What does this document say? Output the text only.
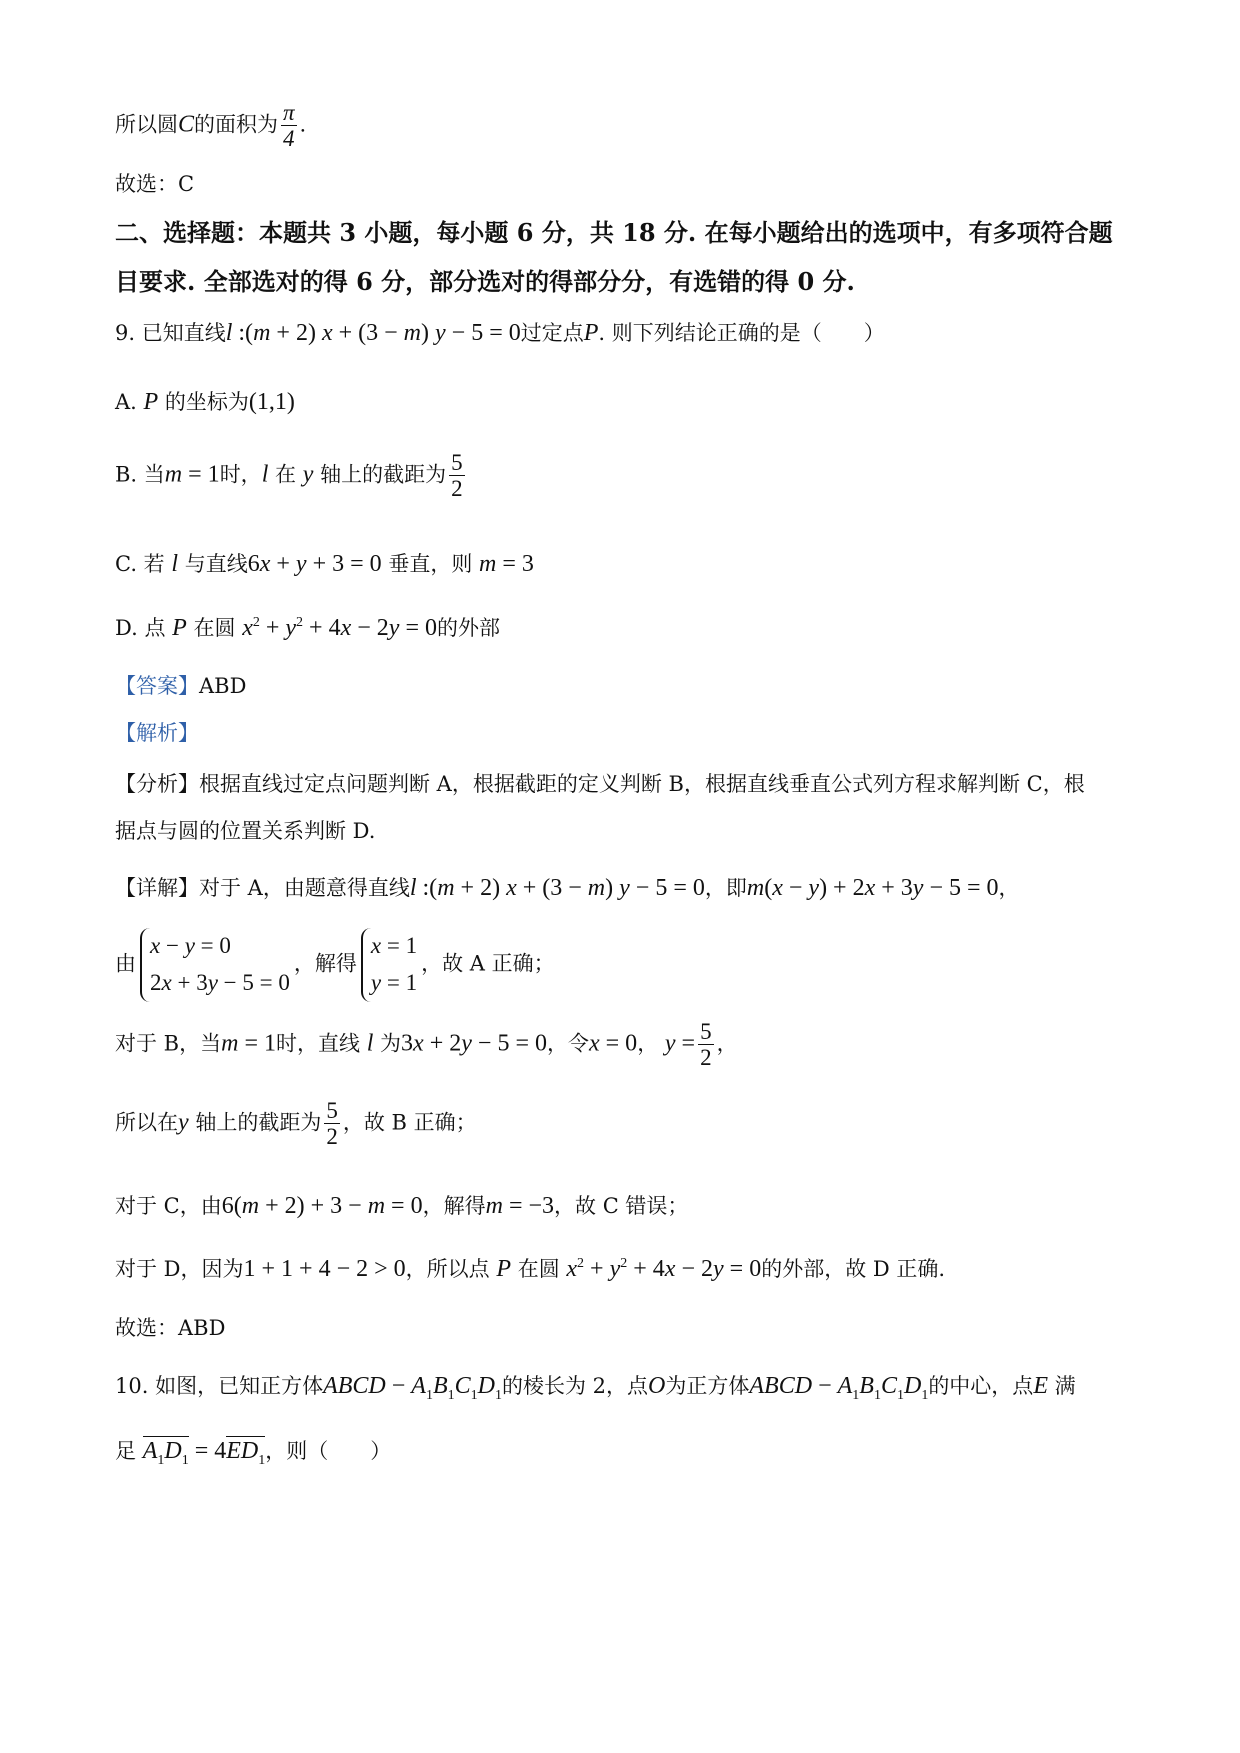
所以圆C的面积为 $\frac{\pi}{4}$ .
故选：C
二、选择题：本题共 3 小题，每小题 6 分，共 18 分. 在每小题给出的选项中，有多项符合题
目要求. 全部选对的得 6 分，部分选对的得部分分，有选错的得 0 分.
9. 已知直线l :(m + 2) x + (3 − m) y − 5 = 0过定点P. 则下列结论正确的是（　　）
A. P 的坐标为(1,1)
B. 当m = 1时，l 在 y 轴上的截距为 $\frac{5}{2}$
C. 若 l 与直线6x + y + 3 = 0 垂直，则 m = 3
D. 点 P 在圆 $x^2 + y^2 + 4x - 2y = 0$的外部
【答案】ABD
【解析】
【分析】根据直线过定点问题判断 A，根据截距的定义判断 B，根据直线垂直公式列方程求解判断 C，根
据点与圆的位置关系判断 D.
【详解】对于 A，由题意得直线l :(m + 2) x + (3 − m) y − 5 = 0，即m(x − y) + 2x + 3y − 5 = 0，
由
x − y = 0
2x + 3y − 5 = 0
，解得
x = 1
y = 1
，故 A 正确；
对于 B，当m = 1时，直线 l 为3x + 2y − 5 = 0，令x = 0， $y = \frac{5}{2}$ ，
所以在y 轴上的截距为 $\frac{5}{2}$ ，故 B 正确；
对于 C，由6(m + 2) + 3 − m = 0，解得m = −3，故 C 错误；
对于 D，因为1 + 1 + 4 − 2 > 0，所以点 P 在圆 $x^2 + y^2 + 4x - 2y = 0$的外部，故 D 正确.
故选：ABD
10. 如图，已知正方体ABCD − $A_1B_1C_1D_1$的棱长为 2，点O为正方体ABCD − $A_1B_1C_1D_1$的中心，点E 满
足 $A_1D_1 = 4ED_1$，则（　　）
